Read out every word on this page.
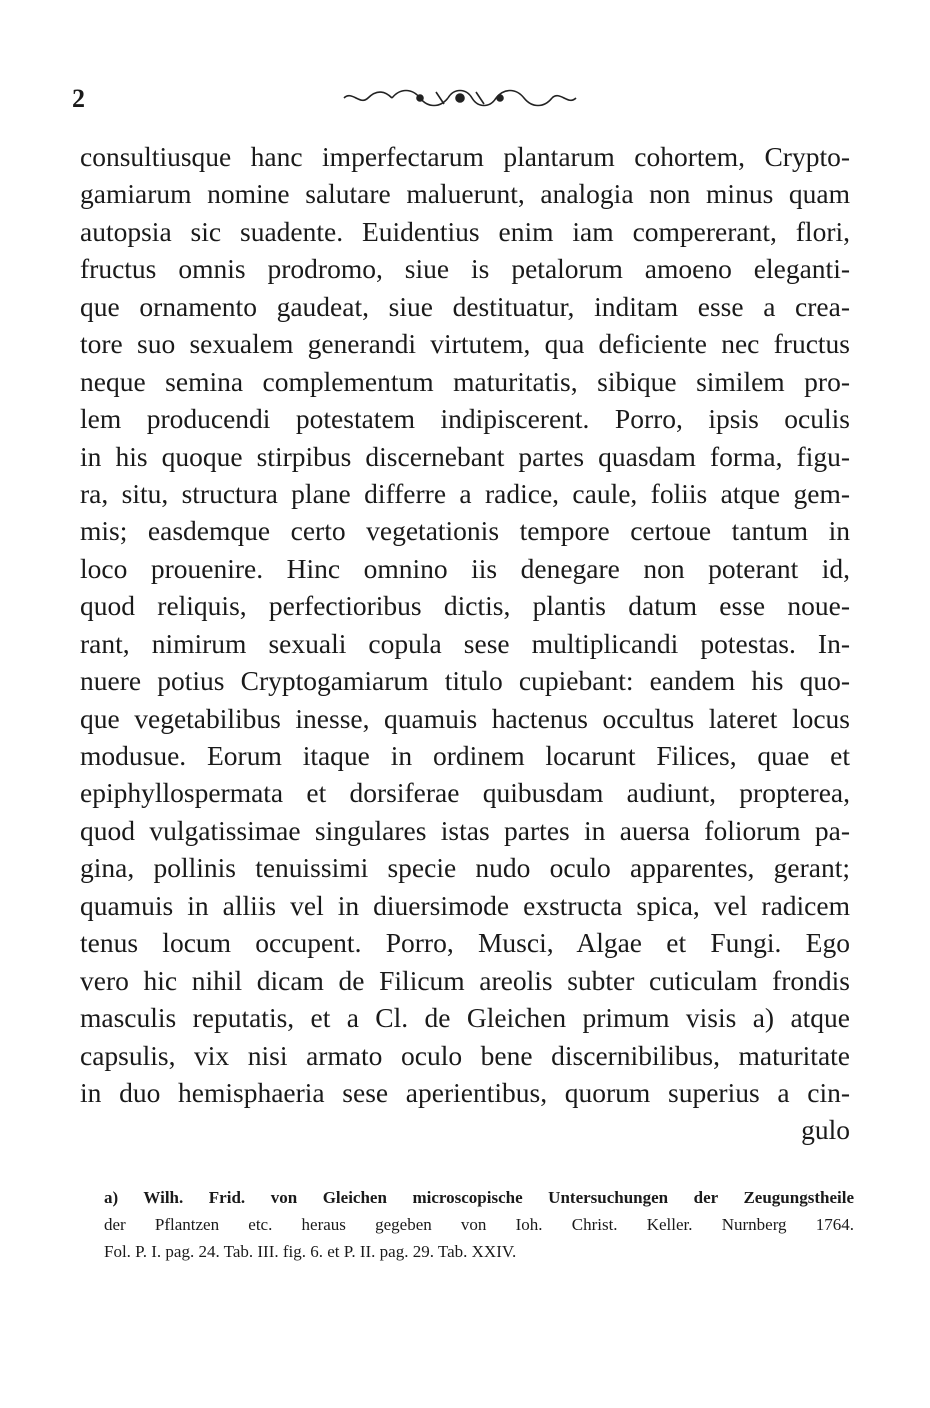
2
consultiusque hanc imperfectarum plantarum cohortem, Crypto-
gamiarum nomine salutare maluerunt, analogia non minus quam
autopsia sic suadente. Euidentius enim iam compererant, flori,
fructus omnis prodromo, siue is petalorum amoeno eleganti-
que ornamento gaudeat, siue destituatur, inditam esse a crea-
tore suo sexualem generandi virtutem, qua deficiente nec fructus
neque semina complementum maturitatis, sibique similem pro-
lem producendi potestatem indipiscerent. Porro, ipsis oculis
in his quoque stirpibus discernebant partes quasdam forma, figu-
ra, situ, structura plane differre a radice, caule, foliis atque gem-
mis; easdemque certo vegetationis tempore certoue tantum in
loco prouenire. Hinc omnino iis denegare non poterant id,
quod reliquis, perfectioribus dictis, plantis datum esse noue-
rant, nimirum sexuali copula sese multiplicandi potestas. In-
nuere potius Cryptogamiarum titulo cupiebant: eandem his quo-
que vegetabilibus inesse, quamuis hactenus occultus lateret locus
modusue. Eorum itaque in ordinem locarunt Filices, quae et
epiphyllospermata et dorsiferae quibusdam audiunt, propterea,
quod vulgatissimae singulares istas partes in auersa foliorum pa-
gina, pollinis tenuissimi specie nudo oculo apparentes, gerant;
quamuis in alliis vel in diuersimode exstructa spica, vel radicem
tenus locum occupent. Porro, Musci, Algae et Fungi. Ego
vero hic nihil dicam de Filicum areolis subter cuticulam frondis
masculis reputatis, et a Cl. de Gleichen primum visis a) atque
capsulis, vix nisi armato oculo bene discernibilibus, maturitate
in duo hemisphaeria sese aperientibus, quorum superius a cin-
gulo
a) Wilh. Frid. von Gleichen microscopische Untersuchungen der Zeugungstheile
der Pflantzen etc. heraus gegeben von Ioh. Christ. Keller. Nurnberg 1764.
Fol. P. I. pag. 24. Tab. III. fig. 6. et P. II. pag. 29. Tab. XXIV.
